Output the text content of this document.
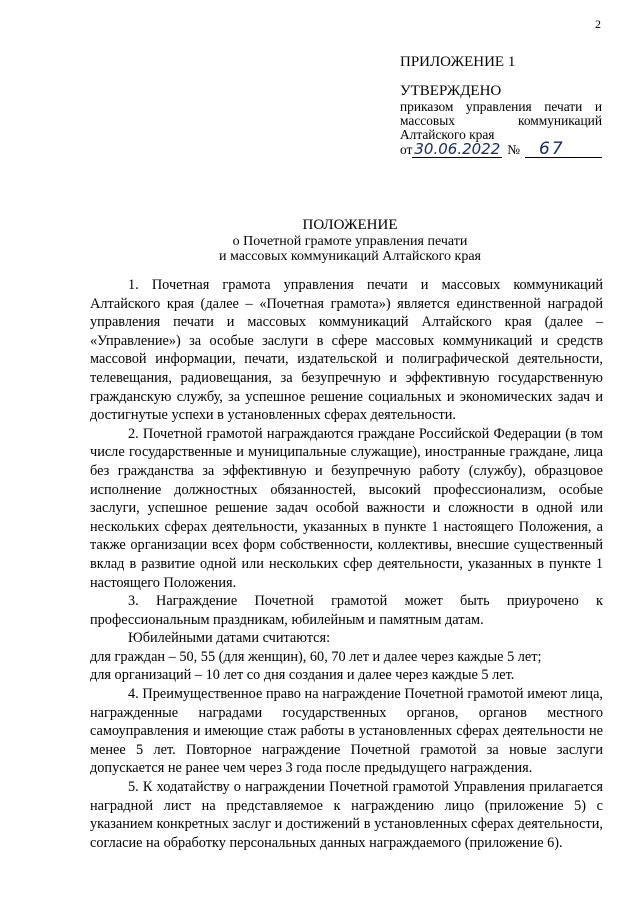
2
ПРИЛОЖЕНИЕ 1
УТВЕРЖДЕНО
приказом управления печати и массовых коммуникаций Алтайского края
от 30.06.2022 №	67
ПОЛОЖЕНИЕ
о Почетной грамоте управления печати
и массовых коммуникаций Алтайского края

1. Почетная грамота управления печати и массовых коммуникаций Алтайского края (далее – «Почетная грамота») является единственной наградой управления печати и массовых коммуникаций Алтайского края (далее – «Управление») за особые заслуги в сфере массовых коммуникаций и средств массовой информации, печати, издательской и полиграфической деятельности, телевещания, радиовещания, за безупречную и эффективную государственную гражданскую службу, за успешное решение социальных и экономических задач и достигнутые успехи в установленных сферах деятельности.

2. Почетной грамотой награждаются граждане Российской Федерации (в том числе государственные и муниципальные служащие), иностранные граждане, лица без гражданства за эффективную и безупречную работу (службу), образцовое исполнение должностных обязанностей, высокий профессионализм, особые заслуги, успешное решение задач особой важности и сложности в одной или нескольких сферах деятельности, указанных в пункте 1 настоящего Положения, а также организации всех форм собственности, коллективы, внесшие существенный вклад в развитие одной или нескольких сфер деятельности, указанных в пункте 1 настоящего Положения.

3. Награждение Почетной грамотой может быть приурочено к профессиональным праздникам, юбилейным и памятным датам.

Юбилейными датами считаются:

для граждан – 50, 55 (для женщин), 60, 70 лет и далее через каждые 5 лет;

для организаций – 10 лет со дня создания и далее через каждые 5 лет.

4. Преимущественное право на награждение Почетной грамотой имеют лица, награжденные наградами государственных органов, органов местного самоуправления и имеющие стаж работы в установленных сферах деятельности не менее 5 лет. Повторное награждение Почетной грамотой за новые заслуги допускается не ранее чем через 3 года после предыдущего награждения.

5. К ходатайству о награждении Почетной грамотой Управления прилагается наградной лист на представляемое к награждению лицо (приложение 5) с указанием конкретных заслуг и достижений в установленных сферах деятельности, согласие на обработку персональных данных награждаемого (приложение 6).
